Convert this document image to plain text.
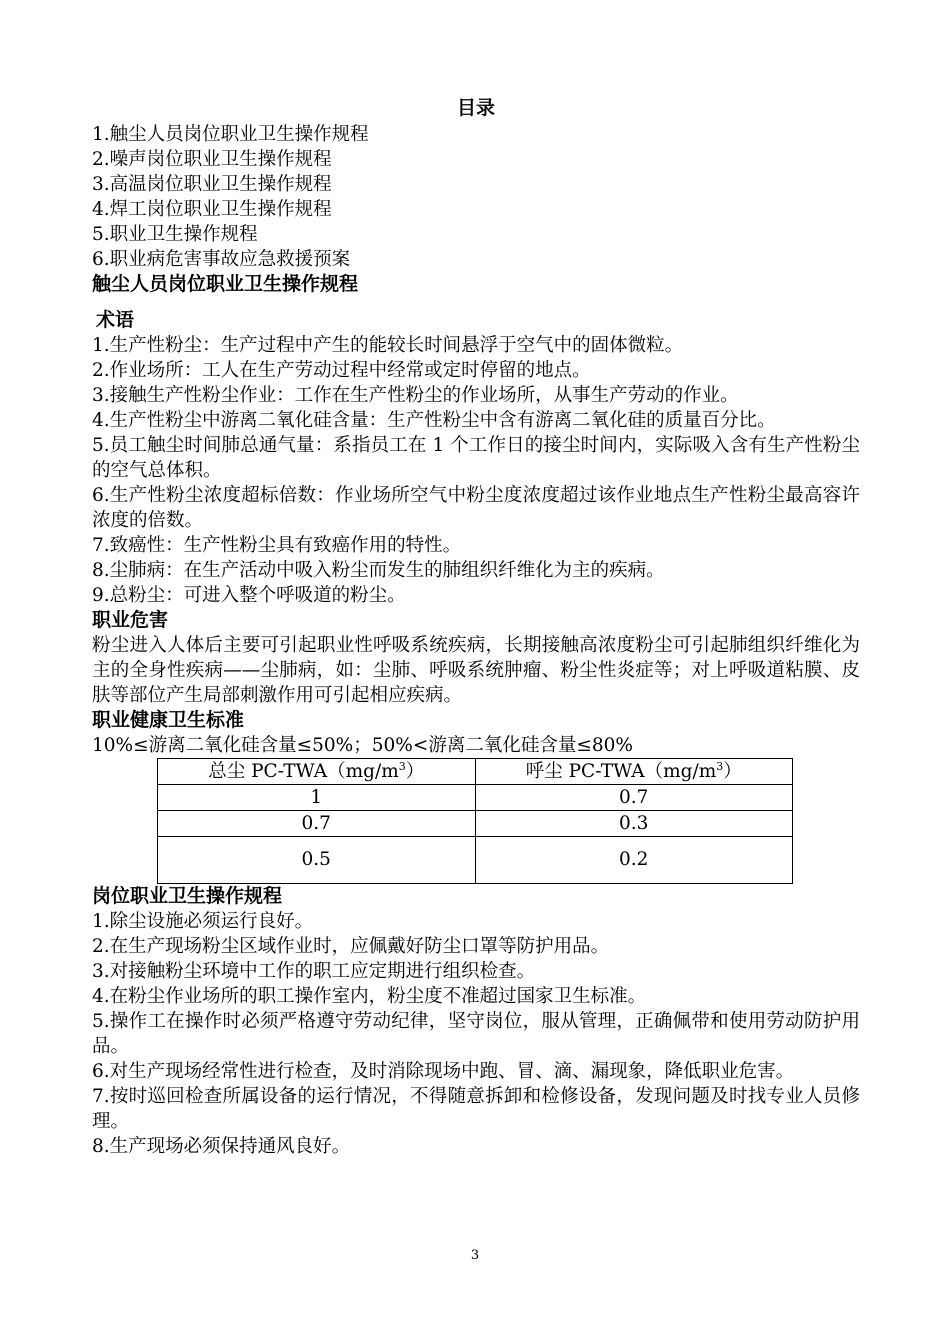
目录
1.触尘人员岗位职业卫生操作规程
2.噪声岗位职业卫生操作规程
3.高温岗位职业卫生操作规程
4.焊工岗位职业卫生操作规程
5.职业卫生操作规程
6.职业病危害事故应急救援预案
触尘人员岗位职业卫生操作规程
术语
1.生产性粉尘：生产过程中产生的能较长时间悬浮于空气中的固体微粒。
2.作业场所：工人在生产劳动过程中经常或定时停留的地点。
3.接触生产性粉尘作业：工作在生产性粉尘的作业场所，从事生产劳动的作业。
4.生产性粉尘中游离二氧化硅含量：生产性粉尘中含有游离二氧化硅的质量百分比。
5.员工触尘时间肺总通气量：系指员工在 1 个工作日的接尘时间内，实际吸入含有生产性粉尘的空气总体积。
6.生产性粉尘浓度超标倍数：作业场所空气中粉尘度浓度超过该作业地点生产性粉尘最高容许浓度的倍数。
7.致癌性：生产性粉尘具有致癌作用的特性。
8.尘肺病：在生产活动中吸入粉尘而发生的肺组织纤维化为主的疾病。
9.总粉尘：可进入整个呼吸道的粉尘。
职业危害
粉尘进入人体后主要可引起职业性呼吸系统疾病，长期接触高浓度粉尘可引起肺组织纤维化为主的全身性疾病——尘肺病，如：尘肺、呼吸系统肿瘤、粉尘性炎症等；对上呼吸道粘膜、皮　肤等部位产生局部刺激作用可引起相应疾病。
职业健康卫生标准
10%≤游离二氧化硅含量≤50%；50%<游离二氧化硅含量≤80%
总尘 $PC-TWA(mg/m^3)$	呼尘 $PC-TWA(mg/m^3)$
1	0.7
0.7	0.3
0.5	0.2
岗位职业卫生操作规程
1.除尘设施必须运行良好。
2.在生产现场粉尘区域作业时，应佩戴好防尘口罩等防护用品。
3.对接触粉尘环境中工作的职工应定期进行组织检查。
4.在粉尘作业场所的职工操作室内，粉尘度不准超过国家卫生标准。
5.操作工在操作时必须严格遵守劳动纪律，坚守岗位，服从管理，正确佩带和使用劳动防护用品。
6.对生产现场经常性进行检查，及时消除现场中跑、冒、滴、漏现象，降低职业危害。
7.按时巡回检查所属设备的运行情况，不得随意拆卸和检修设备，发现问题及时找专业人员修理。
8.生产现场必须保持通风良好。
3
